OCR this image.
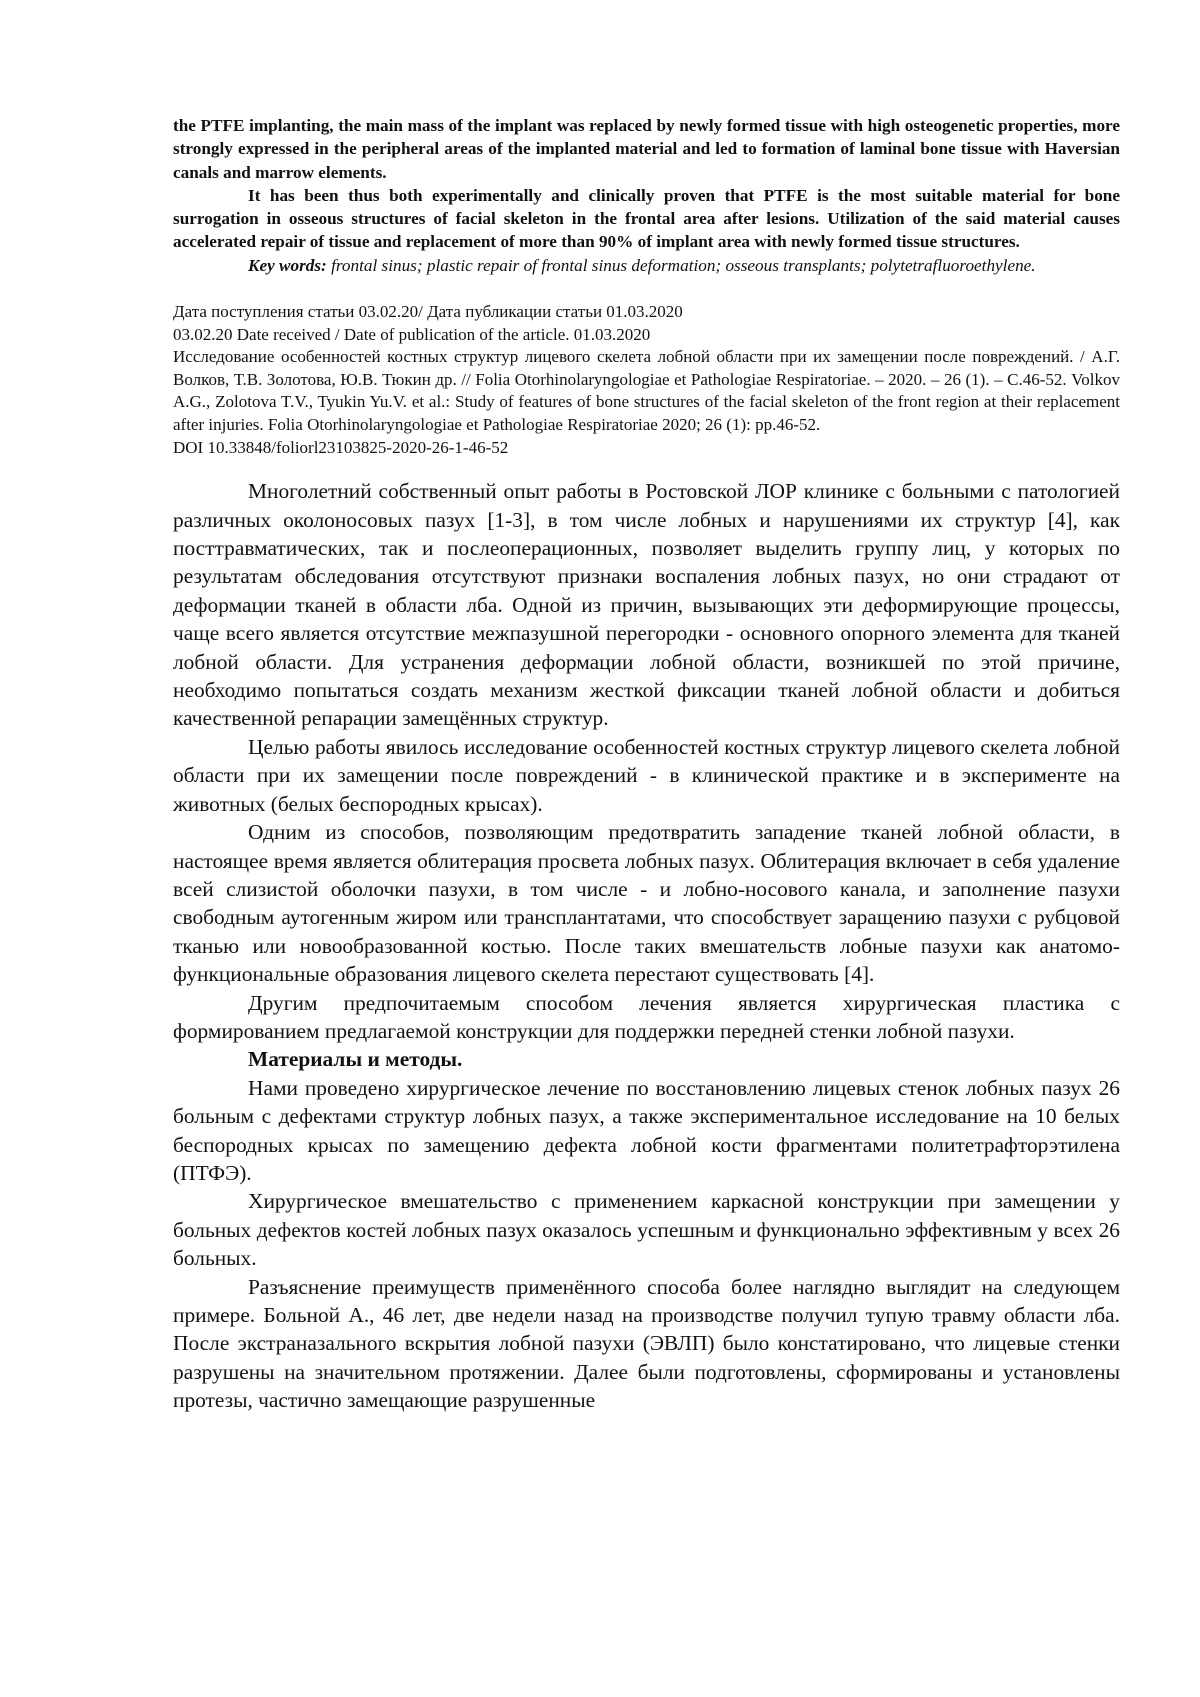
the PTFE implanting, the main mass of the implant was replaced by newly formed tissue with high osteogenetic properties, more strongly expressed in the peripheral areas of the implanted material and led to formation of laminal bone tissue with Haversian canals and marrow elements.

It has been thus both experimentally and clinically proven that PTFE is the most suitable material for bone surrogation in osseous structures of facial skeleton in the frontal area after lesions. Utilization of the said material causes accelerated repair of tissue and replacement of more than 90% of implant area with newly formed tissue structures.

Key words: frontal sinus; plastic repair of frontal sinus deformation; osseous transplants; polytetrafluoroethylene.

Дата поступления статьи 03.02.20/ Дата публикации статьи 01.03.2020

03.02.20 Date received / Date of publication of the article. 01.03.2020

Исследование особенностей костных структур лицевого скелета лобной области при их замещении после повреждений. / А.Г. Волков, Т.В. Золотова, Ю.В. Тюкин др. // Folia Otorhinolaryngologiae et Pathologiae Respiratoriae. – 2020. – 26 (1). – С.46-52. Volkov A.G., Zolotova T.V., Tyukin Yu.V. et al.: Study of features of bone structures of the facial skeleton of the front region at their replacement after injuries. Folia Otorhinolaryngologiae et Pathologiae Respiratoriae 2020; 26 (1): pp.46-52.

DOI 10.33848/foliorl23103825-2020-26-1-46-52

Многолетний собственный опыт работы в Ростовской ЛОР клинике с больными с патологией различных околоносовых пазух [1-3], в том числе лобных и нарушениями их структур [4], как посттравматических, так и послеоперационных, позволяет выделить группу лиц, у которых по результатам обследования отсутствуют признаки воспаления лобных пазух, но они страдают от деформации тканей в области лба. Одной из причин, вызывающих эти деформирующие процессы, чаще всего является отсутствие межпазушной перегородки - основного опорного элемента для тканей лобной области. Для устранения деформации лобной области, возникшей по этой причине, необходимо попытаться создать механизм жесткой фиксации тканей лобной области и добиться качественной репарации замещённых структур.

Целью работы явилось исследование особенностей костных структур лицевого скелета лобной области при их замещении после повреждений - в клинической практике и в эксперименте на животных (белых беспородных крысах).

Одним из способов, позволяющим предотвратить западение тканей лобной области, в настоящее время является облитерация просвета лобных пазух. Облитерация включает в себя удаление всей слизистой оболочки пазухи, в том числе - и лобно-носового канала, и заполнение пазухи свободным аутогенным жиром или трансплантатами, что способствует заращению пазухи с рубцовой тканью или новообразованной костью. После таких вмешательств лобные пазухи как анатомо-функциональные образования лицевого скелета перестают существовать [4].

Другим предпочитаемым способом лечения является хирургическая пластика с формированием предлагаемой конструкции для поддержки передней стенки лобной пазухи.

Материалы и методы.

Нами проведено хирургическое лечение по восстановлению лицевых стенок лобных пазух 26 больным с дефектами структур лобных пазух, а также экспериментальное исследование на 10 белых беспородных крысах по замещению дефекта лобной кости фрагментами политетрафторэтилена (ПТФЭ).

Хирургическое вмешательство с применением каркасной конструкции при замещении у больных дефектов костей лобных пазух оказалось успешным и функционально эффективным у всех 26 больных.

Разъяснение преимуществ применённого способа более наглядно выглядит на следующем примере. Больной А., 46 лет, две недели назад на производстве получил тупую травму области лба. После экстраназального вскрытия лобной пазухи (ЭВЛП) было констатировано, что лицевые стенки разрушены на значительном протяжении. Далее были подготовлены, сформированы и установлены протезы, частично замещающие разрушенные
